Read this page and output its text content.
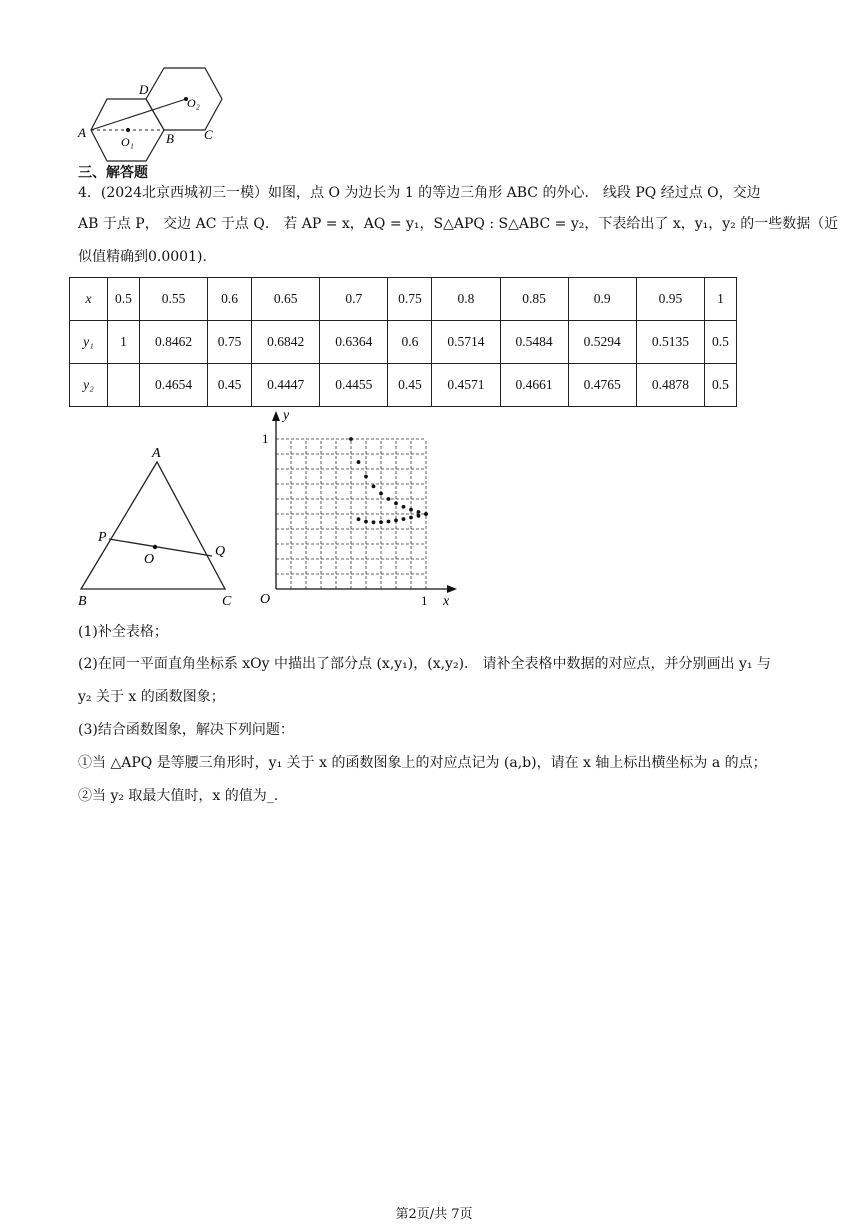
A
D
O₂
O₁ B C
三、解答题
4．(2024北京西城初三一模）如图，点 O 为边长为 1 的等边三角形 ABC 的外心． 线段 PQ 经过点 O，交边
AB 于点 P， 交边 AC 于点 Q． 若 AP = x，AQ = y₁，S△APQ : S△ABC = y₂，下表给出了 x，y₁，y₂ 的一些数据（近
似值精确到0.0001).
x	0.5	0.55	0.6	0.65	0.7	0.75	0.8	0.85	0.9	0.95	1
y₁	1	0.8462	0.75	0.6842	0.6364	0.6	0.5714	0.5484	0.5294	0.5135	0.5
y₂		0.4654	0.45	0.4447	0.4455	0.45	0.4571	0.4661	0.4765	0.4878	0.5
A
P
O
Q
B	C
y
1
O	1 x
(1)补全表格；
(2)在同一平面直角坐标系 xOy 中描出了部分点 (x,y₁)，(x,y₂)． 请补全表格中数据的对应点，并分别画出 y₁ 与
y₂ 关于 x 的函数图象；
(3)结合函数图象，解决下列问题：
①当 △APQ 是等腰三角形时，y₁ 关于 x 的函数图象上的对应点记为 (a,b)，请在 x 轴上标出横坐标为 a 的点；
②当 y₂ 取最大值时，x 的值为_.
第2页/共 7页
